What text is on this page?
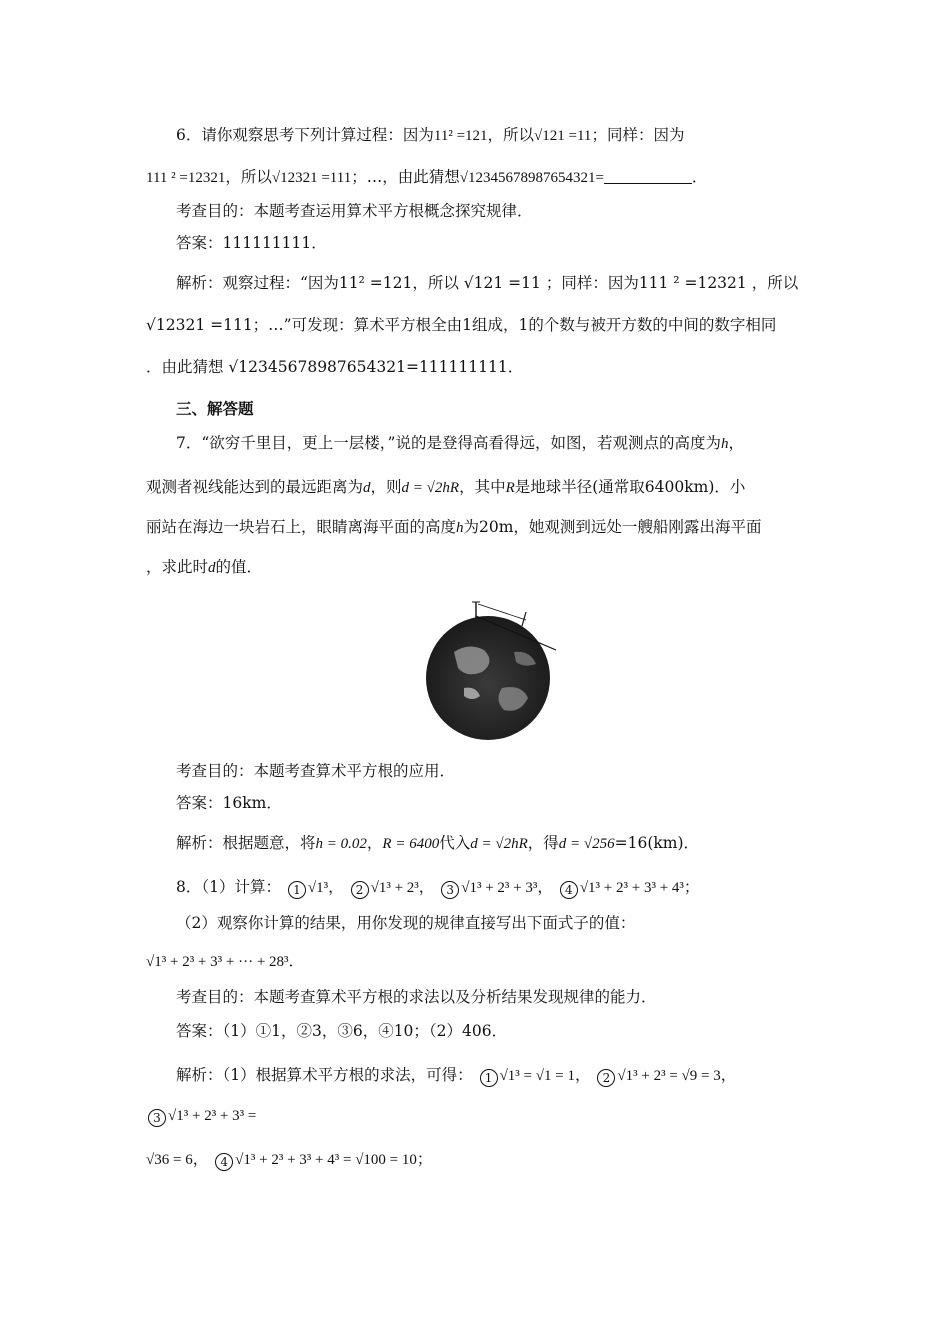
6．请你观察思考下列计算过程：因为11² =121，所以√121 =11；同样：因为
111 ² =12321，所以√12321 =111；…，由此猜想√12345678987654321=	．
考查目的：本题考查运用算术平方根概念探究规律．
答案：111111111．
解析：观察过程：“因为11² =121，所以 √121 =11 ；同样：因为111 ² =12321 ，所以
√12321 =111；…”可发现：算术平方根全由1组成，1的个数与被开方数的中间的数字相同
．由此猜想 √12345678987654321=111111111．
三、解答题
7．“欲穷千里目，更上一层楼，”说的是登得高看得远，如图，若观测点的高度为h，
观测者视线能达到的最远距离为d，则d = √2hR，其中R是地球半径(通常取6400km)．小
丽站在海边一块岩石上，眼睛离海平面的高度h为20m，她观测到远处一艘船刚露出海平面
，求此时d的值．
考查目的：本题考查算术平方根的应用．
答案：16km．
解析：根据题意，将h = 0.02，R = 6400代入d = √2hR，得d = √256=16(km)．
8．（1）计算： 1 √1³， 2 √1³ + 2³， 3 √1³ + 2³ + 3³， 4 √1³ + 2³ + 3³ + 4³；
（2）观察你计算的结果，用你发现的规律直接写出下面式子的值：
√1³ + 2³ + 3³ + ··· + 28³．
考查目的：本题考查算术平方根的求法以及分析结果发现规律的能力．
答案：（1）①1，②3，③6，④10；（2）406．
解析：（1）根据算术平方根的求法，可得： 1 √1³ = √1 = 1， 2 √1³ + 2³ = √9 = 3，
3 √1³ + 2³ + 3³ =
√36 = 6， 4 √1³ + 2³ + 3³ + 4³ = √100 = 10；
